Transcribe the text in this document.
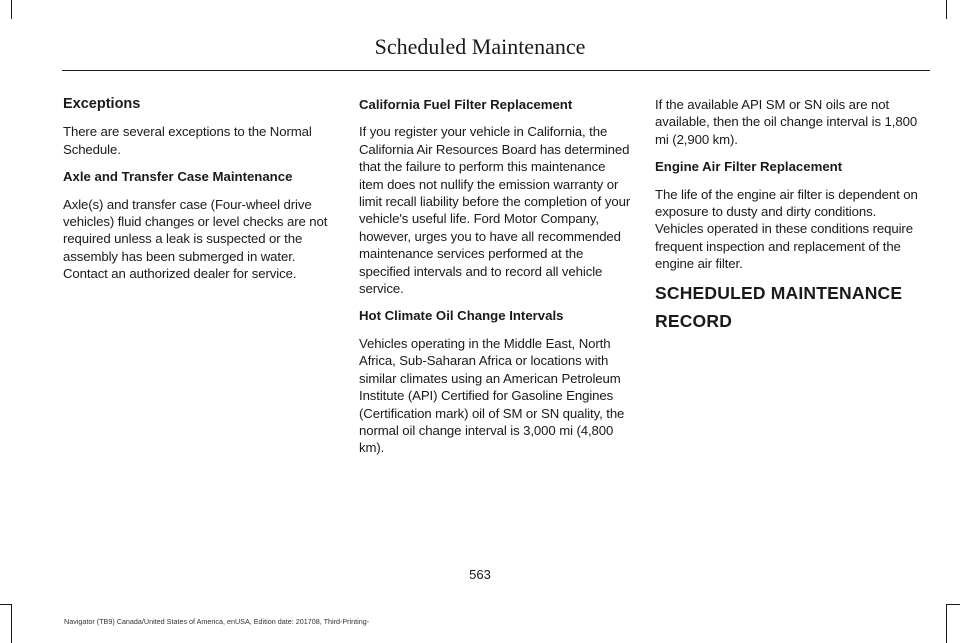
Scheduled Maintenance
Exceptions

There are several exceptions to the Normal Schedule.

Axle and Transfer Case Maintenance

Axle(s) and transfer case (Four-wheel drive vehicles) fluid changes or level checks are not required unless a leak is suspected or the assembly has been submerged in water. Contact an authorized dealer for service.

California Fuel Filter Replacement

If you register your vehicle in California, the California Air Resources Board has determined that the failure to perform this maintenance item does not nullify the emission warranty or limit recall liability before the completion of your vehicle's useful life. Ford Motor Company, however, urges you to have all recommended maintenance services performed at the specified intervals and to record all vehicle service.

Hot Climate Oil Change Intervals

Vehicles operating in the Middle East, North Africa, Sub-Saharan Africa or locations with similar climates using an American Petroleum Institute (API) Certified for Gasoline Engines (Certification mark) oil of SM or SN quality, the normal oil change interval is 3,000 mi (4,800 km).

If the available API SM or SN oils are not available, then the oil change interval is 1,800 mi (2,900 km).

Engine Air Filter Replacement

The life of the engine air filter is dependent on exposure to dusty and dirty conditions. Vehicles operated in these conditions require frequent inspection and replacement of the engine air filter.

SCHEDULED MAINTENANCE
RECORD
563
Navigator (TB9) Canada/United States of America, enUSA, Edition date: 201708, Third-Printing-
